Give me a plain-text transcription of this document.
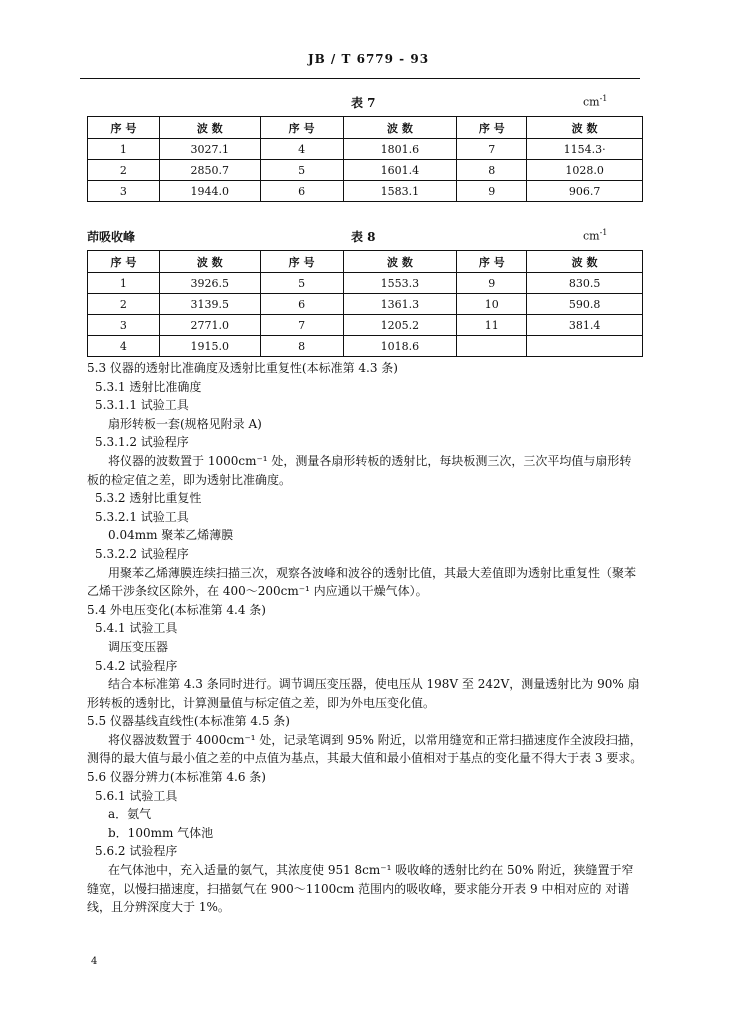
JB / T 6779 - 93
表 7	$cm^{-1}$
序 号	波 数	序 号	波 数	序 号	波 数
1	3027.1	4	1801.6	7	1154.3·
2	2850.7	5	1601.4	8	1028.0
3	1944.0	6	1583.1	9	906.7
茚吸收峰	表 8	$cm^{-1}$
序 号	波 数	序 号	波 数	序 号	波 数
1	3926.5	5	1553.3	9	830.5
2	3139.5	6	1361.3	10	590.8
3	2771.0	7	1205.2	11	381.4
4	1915.0	8	1018.6		

5.3 仪器的透射比准确度及透射比重复性(本标准第 4.3 条)

5.3.1 透射比准确度

5.3.1.1 试验工具

扇形转板一套(规格见附录 A)

5.3.1.2 试验程序

将仪器的波数置于 1000cm⁻¹ 处，测量各扇形转板的透射比，每块板测三次，三次平均值与扇形转板的检定值之差，即为透射比准确度。

5.3.2 透射比重复性

5.3.2.1 试验工具

0.04mm 聚苯乙烯薄膜

5.3.2.2 试验程序

用聚苯乙烯薄膜连续扫描三次，观察各波峰和波谷的透射比值，其最大差值即为透射比重复性（聚苯乙烯干涉条纹区除外，在 400～200cm⁻¹ 内应通以干燥气体）。

5.4 外电压变化(本标准第 4.4 条)

5.4.1 试验工具

调压变压器

5.4.2 试验程序

结合本标准第 4.3 条同时进行。调节调压变压器，使电压从 198V 至 242V，测量透射比为 90% 扇形转板的透射比，计算测量值与标定值之差，即为外电压变化值。

5.5 仪器基线直线性(本标准第 4.5 条)

将仪器波数置于 4000cm⁻¹ 处，记录笔调到 95% 附近，以常用缝宽和正常扫描速度作全波段扫描，测得的最大值与最小值之差的中点值为基点，其最大值和最小值相对于基点的变化量不得大于表 3 要求。

5.6 仪器分辨力(本标准第 4.6 条)

5.6.1 试验工具

a．氨气

b．100mm 气体池

5.6.2 试验程序

在气体池中，充入适量的氨气，其浓度使 951 8cm⁻¹ 吸收峰的透射比约在 50% 附近，狭缝置于窄缝宽，以慢扫描速度，扫描氨气在 900～1100cm 范围内的吸收峰，要求能分开表 9 中相对应的 对谱线，且分辨深度大于 1%。

4
